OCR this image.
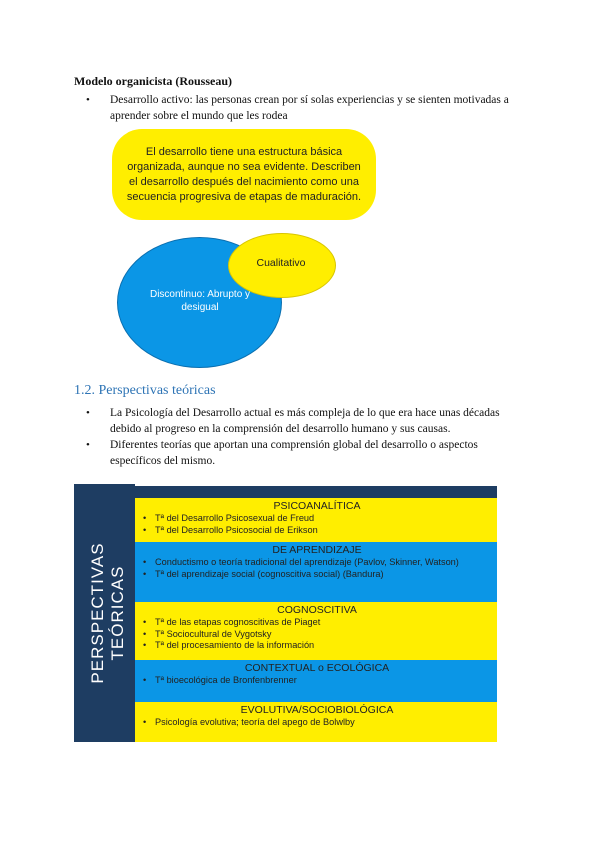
Modelo organicista (Rousseau)
• Desarrollo activo: las personas crean por sí solas experiencias y se sienten motivadas a aprender sobre el mundo que les rodea
El desarrollo tiene una estructura básica organizada, aunque no sea evidente. Describen el desarrollo después del nacimiento como una secuencia progresiva de etapas de maduración.
Discontinuo: Abrupto y desigual
Cualitativo
1.2. Perspectivas teóricas
• La Psicología del Desarrollo actual es más compleja de lo que era hace unas décadas debido al progreso en la comprensión del desarrollo humano y sus causas.
• Diferentes teorías que aportan una comprensión global del desarrollo o aspectos específicos del mismo.
PERSPECTIVAS TEÓRICAS
PSICOANALÍTICA
• Tª del Desarrollo Psicosexual de Freud
• Tª del Desarrollo Psicosocial de Erikson
DE APRENDIZAJE
• Conductismo o teoría tradicional del aprendizaje (Pavlov, Skinner, Watson)
• Tª del aprendizaje social (cognoscitiva social) (Bandura)
COGNOSCITIVA
• Tª de las etapas cognoscitivas de Piaget
• Tª Sociocultural de Vygotsky
• Tª del procesamiento de la información
CONTEXTUAL o ECOLÓGICA
• Tª bioecológica de Bronfenbrenner
EVOLUTIVA/SOCIOBIOLÓGICA
• Psicología evolutiva; teoría del apego de Bolwlby
